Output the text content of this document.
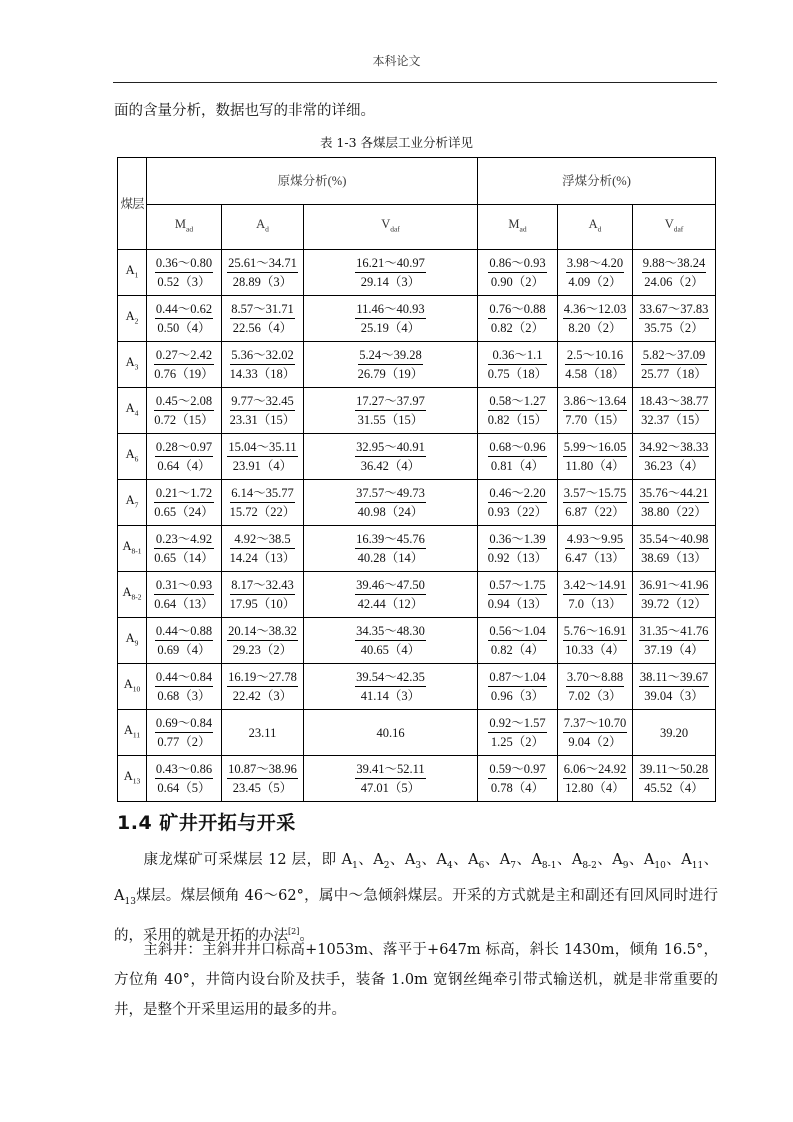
本科论文
面的含量分析，数据也写的非常的详细。
表 1-3 各煤层工业分析详见
煤层	原煤分析(%)			浮煤分析(%)		
	$M_{ad}$	$A_d$	$V_{daf}$	$M_{ad}$	$A_d$	$V_{daf}$
$A_1$	$\frac{0.36\sim 0.80}{0.52(3)}$	$\frac{25.61\sim 34.71}{28.89(3)}$	$\frac{16.21\sim 40.97}{29.14(3)}$	$\frac{0.86\sim 0.93}{0.90(2)}$	$\frac{3.98\sim 4.20}{4.09(2)}$	$\frac{9.88\sim 38.24}{24.06(2)}$

$A_2$	$\frac{0.44\sim 0.62}{0.50(4)}$	$\frac{8.57\sim 31.71}{22.56(4)}$	$\frac{11.46\sim 40.93}{25.19(4)}$	$\frac{0.76\sim 0.88}{0.82(2)}$	$\frac{4.36\sim 12.03}{8.20(2)}$	$\frac{33.67\sim 37.83}{35.75(2)}$

$A_3$	$\frac{0.27\sim 2.42}{0.76(19)}$	$\frac{5.36\sim 32.02}{14.33(18)}$	$\frac{5.24\sim 39.28}{26.79(19)}$	$\frac{0.36\sim 1.1}{0.75(18)}$	$\frac{2.5\sim 10.16}{4.58(18)}$	$\frac{5.82\sim 37.09}{25.77(18)}$

$A_4$	$\frac{0.45\sim 2.08}{0.72(15)}$	$\frac{9.77\sim 32.45}{23.31(15)}$	$\frac{17.27\sim 37.97}{31.55(15)}$	$\frac{0.58\sim 1.27}{0.82(15)}$	$\frac{3.86\sim 13.64}{7.70(15)}$	$\frac{18.43\sim 38.77}{32.37(15)}$

$A_6$	$\frac{0.28\sim 0.97}{0.64(4)}$	$\frac{15.04\sim 35.11}{23.91(4)}$	$\frac{32.95\sim 40.91}{36.42(4)}$	$\frac{0.68\sim 0.96}{0.81(4)}$	$\frac{5.99\sim 16.05}{11.80(4)}$	$\frac{34.92\sim 38.33}{36.23(4)}$

$A_7$	$\frac{0.21\sim 1.72}{0.65(24)}$	$\frac{6.14\sim 35.77}{15.72(22)}$	$\frac{37.57\sim 49.73}{40.98(24)}$	$\frac{0.46\sim 2.20}{0.93(22)}$	$\frac{3.57\sim 15.75}{6.87(22)}$	$\frac{35.76\sim 44.21}{38.80(22)}$

$A_{8-1}$	$\frac{0.23\sim 4.92}{0.65(14)}$	$\frac{4.92\sim 38.5}{14.24(13)}$	$\frac{16.39\sim 45.76}{40.28(14)}$	$\frac{0.36\sim 1.39}{0.92(13)}$	$\frac{4.93\sim 9.95}{6.47(13)}$	$\frac{35.54\sim 40.98}{38.69(13)}$

$A_{8-2}$	$\frac{0.31\sim 0.93}{0.64(13)}$	$\frac{8.17\sim 32.43}{17.95(10)}$	$\frac{39.46\sim 47.50}{42.44(12)}$	$\frac{0.57\sim 1.75}{0.94(13)}$	$\frac{3.42\sim 14.91}{7.0(13)}$	$\frac{36.91\sim 41.96}{39.72(12)}$

$A_9$	$\frac{0.44\sim 0.88}{0.69(4)}$	$\frac{20.14\sim 38.32}{29.23(2)}$	$\frac{34.35\sim 48.30}{40.65(4)}$	$\frac{0.56\sim 1.04}{0.82(4)}$	$\frac{5.76\sim 16.91}{10.33(4)}$	$\frac{31.35\sim 41.76}{37.19(4)}$

$A_{10}$	$\frac{0.44\sim 0.84}{0.68(3)}$	$\frac{16.19\sim 27.78}{22.42(3)}$	$\frac{39.54\sim 42.35}{41.14(3)}$	$\frac{0.87\sim 1.04}{0.96(3)}$	$\frac{3.70\sim 8.88}{7.02(3)}$	$\frac{38.11\sim 39.67}{39.04(3)}$

$A_{11}$	$\frac{0.69\sim 0.84}{0.77(2)}$	23.11	40.16	$\frac{0.92\sim 1.57}{1.25(2)}$	$\frac{7.37\sim 10.70}{9.04(2)}$	39.20
$A_{13}$	$\frac{0.43\sim 0.86}{0.64(5)}$	$\frac{10.87\sim 38.96}{23.45(5)}$	$\frac{39.41\sim 52.11}{47.01(5)}$	$\frac{0.59\sim 0.97}{0.78(4)}$	$\frac{6.06\sim 24.92}{12.80(4)}$	$\frac{39.11\sim 50.28}{45.52(4)}$
1.4 矿井开拓与开采
康龙煤矿可采煤层 12 层，即 $A_1$、$A_2$、$A_3$、$A_4$、$A_6$、$A_7$、$A_{8-1}$、$A_{8-2}$、$A_9$、$A_{10}$、$A_{11}$、$A_{13}$煤层。煤层倾角 46～62°，属中～急倾斜煤层。开采的方式就是主和副还有回风同时进行的，采用的就是开拓的办法[2]。
主斜井：主斜井井口标高+1053m、落平于+647m 标高，斜长 1430m，倾角 16.5°，方位角 40°，井筒内设台阶及扶手，装备 1.0m 宽钢丝绳牵引带式输送机，就是非常重要的井，是整个开采里运用的最多的井。
